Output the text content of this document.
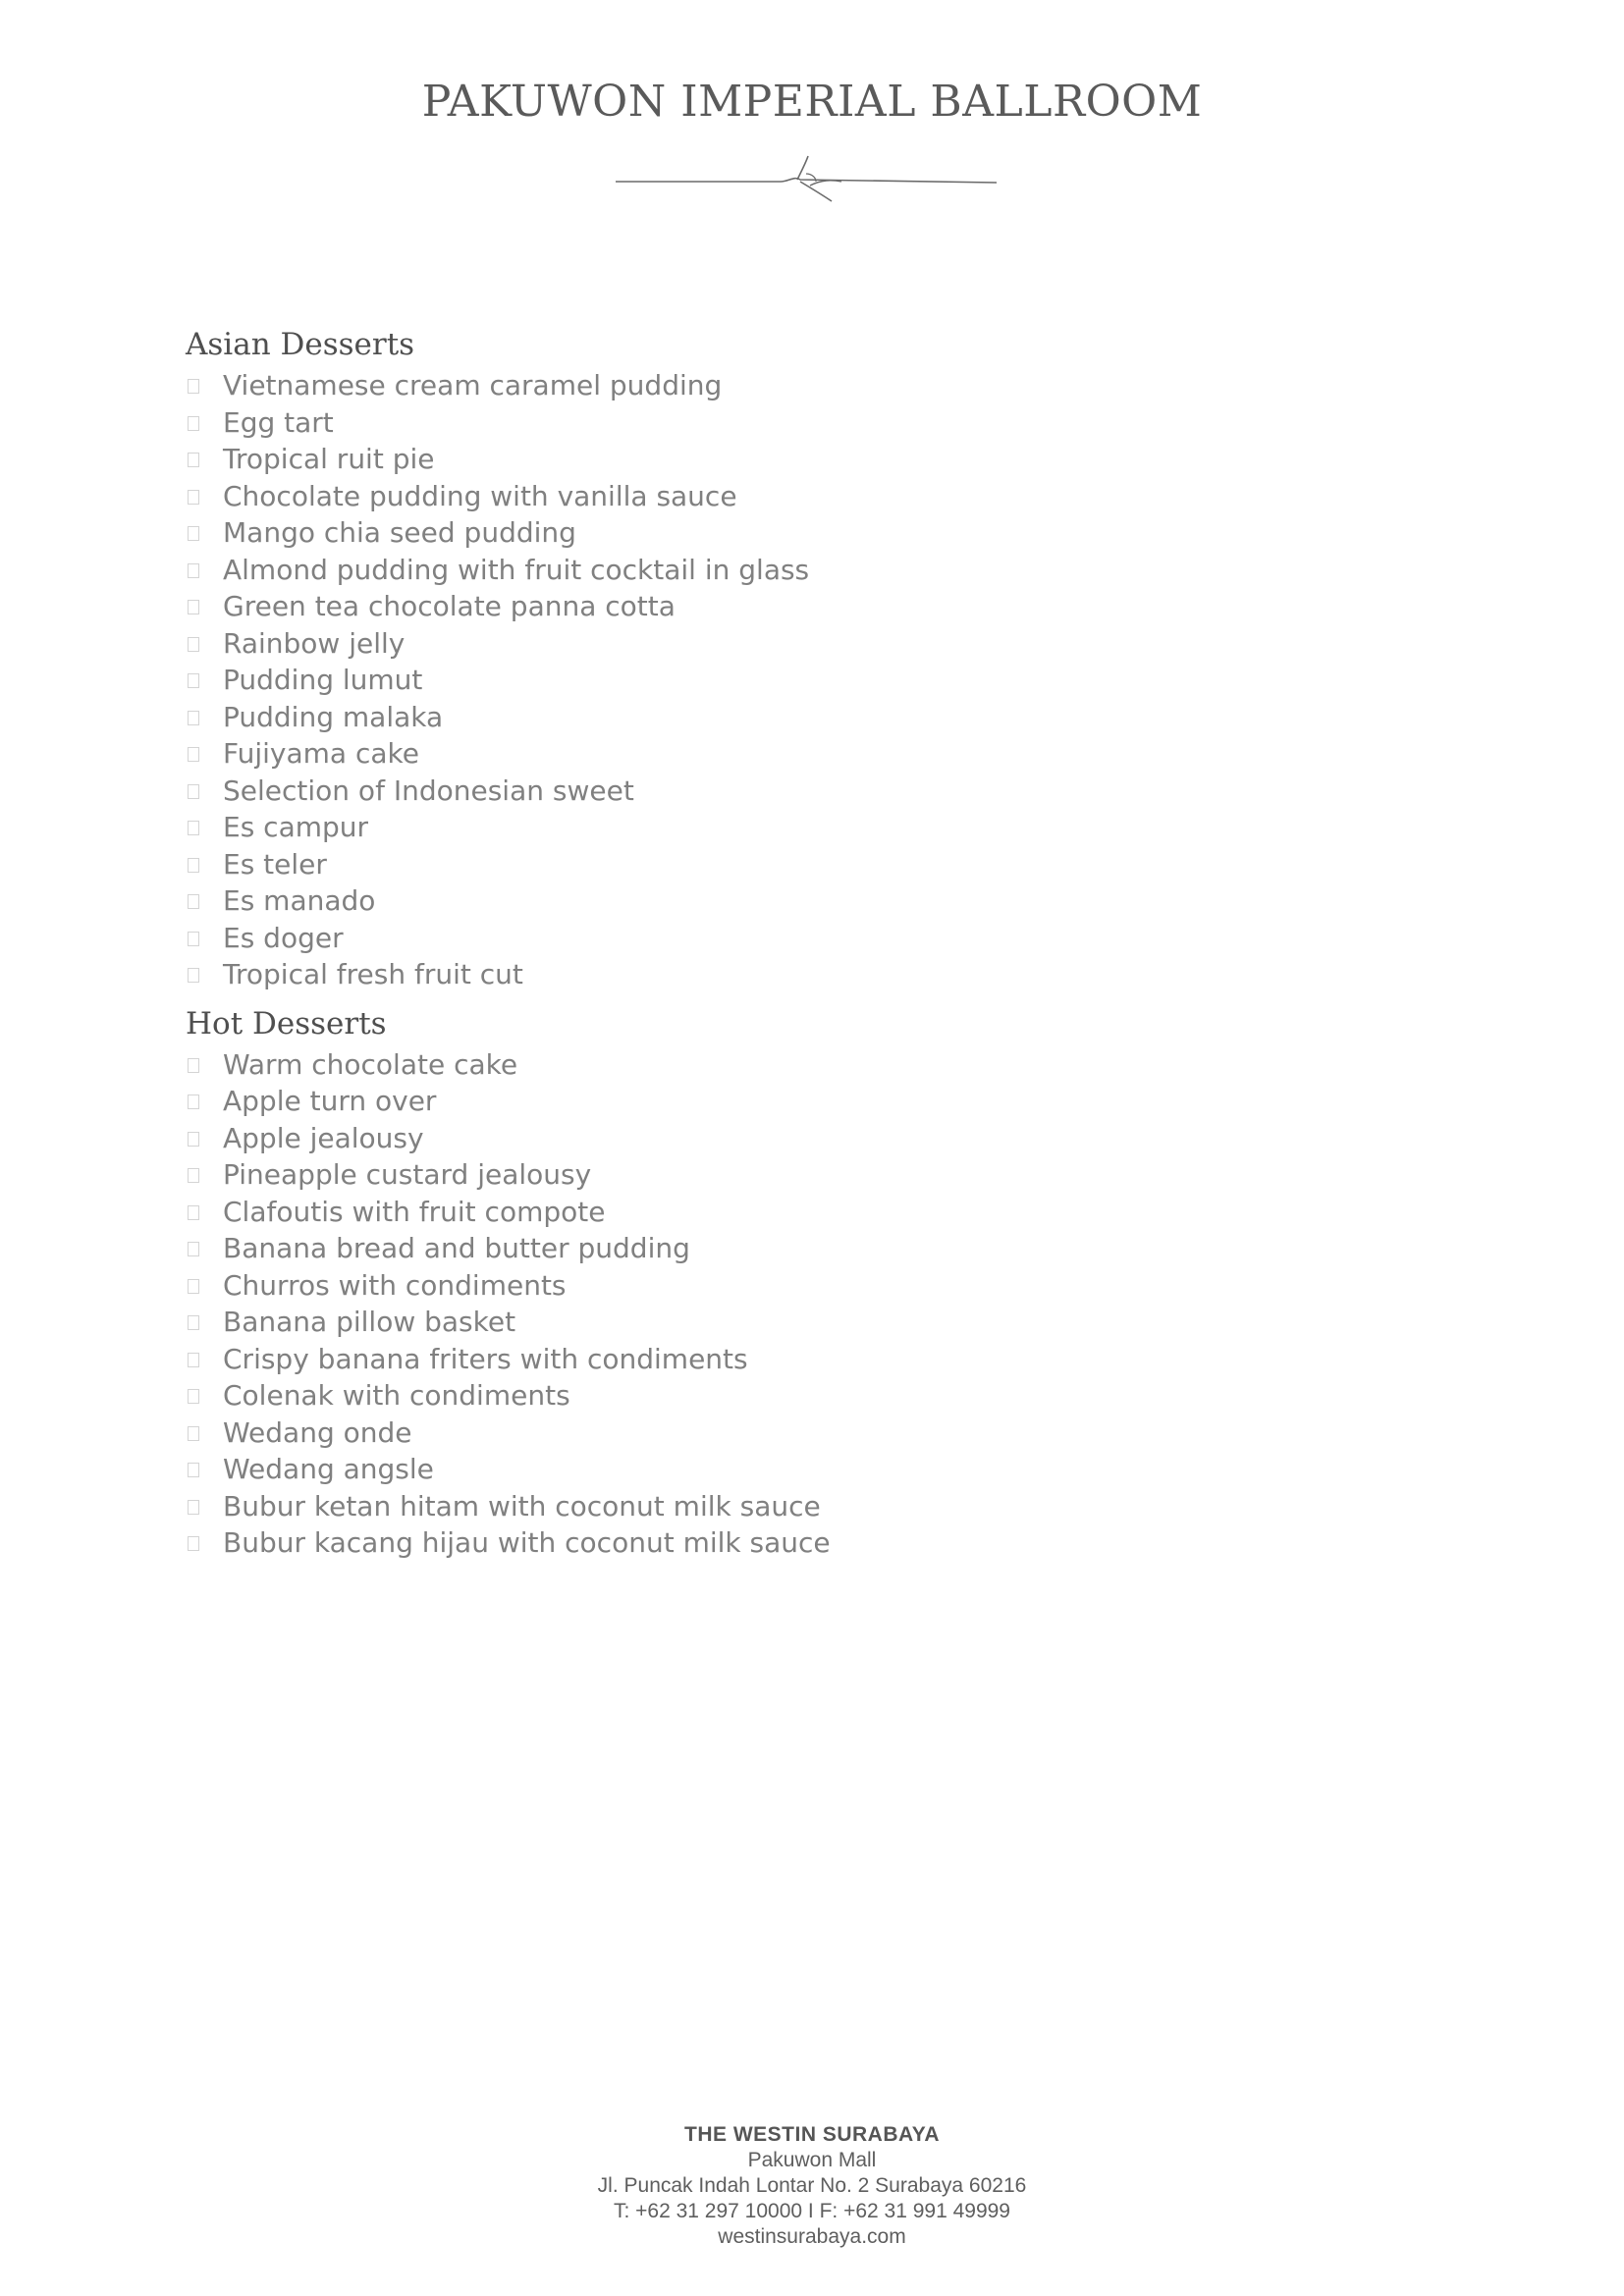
PAKUWON IMPERIAL BALLROOM
Asian Desserts
Vietnamese cream caramel pudding
Egg tart
Tropical ruit pie
Chocolate pudding with vanilla sauce
Mango chia seed pudding
Almond pudding with fruit cocktail in glass
Green tea chocolate panna cotta
Rainbow jelly
Pudding lumut
Pudding malaka
Fujiyama cake
Selection of Indonesian sweet
Es campur
Es teler
Es manado
Es doger
Tropical fresh fruit cut
Hot Desserts
Warm chocolate cake
Apple turn over
Apple jealousy
Pineapple custard jealousy
Clafoutis with fruit compote
Banana bread and butter pudding
Churros with condiments
Banana pillow basket
Crispy banana friters with condiments
Colenak with condiments
Wedang onde
Wedang angsle
Bubur ketan hitam with coconut milk sauce
Bubur kacang hijau with coconut milk sauce
THE WESTIN SURABAYA
Pakuwon Mall
Jl. Puncak Indah Lontar No. 2 Surabaya 60216
T: +62 31 297 10000 I F: +62 31 991 49999
westinsurabaya.com
